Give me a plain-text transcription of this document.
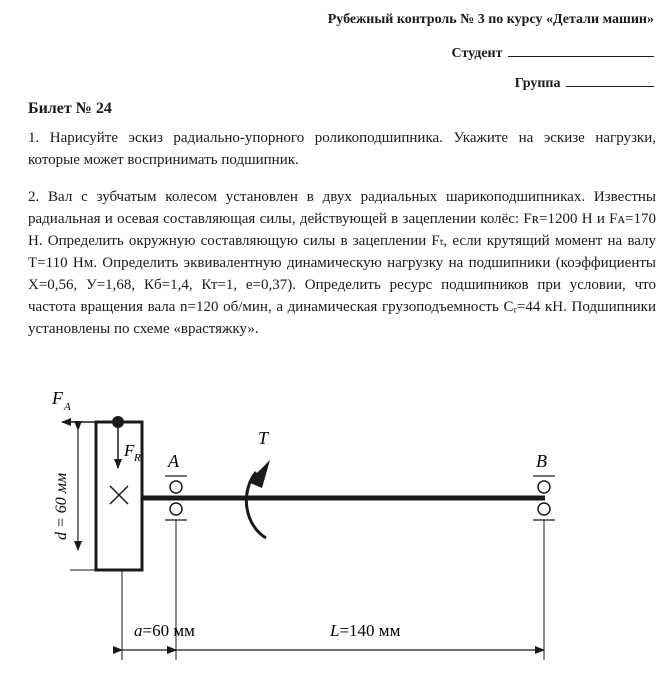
Рубежный контроль № 3 по курсу «Детали машин»
Студент
Группа
Билет № 24
1. Нарисуйте эскиз радиально-упорного роликоподшипника. Укажите на эскизе нагрузки, которые может воспринимать подшипник.
2. Вал с зубчатым колесом установлен в двух радиальных шарикоподшипниках. Известны радиальная и осевая составляющая силы, действующей в зацеплении колёс: Fʀ=1200 Н и Fᴀ=170 Н. Определить окружную составляющую силы в зацеплении Fₜ, если крутящий момент на валу Т=110 Нм. Определить эквивалентную динамическую нагрузку на подшипники (коэффициенты Х=0,56, У=1,68, Кб=1,4, Кт=1, е=0,37). Определить ресурс подшипников при условии, что частота вращения вала n=120 об/мин, а динамическая грузоподъемность Cᵣ=44 кН. Подшипники установлены по схеме «врастяжку».
d = 60 мм
F A
F R A	B
T
a=60 мм	L=140 мм
